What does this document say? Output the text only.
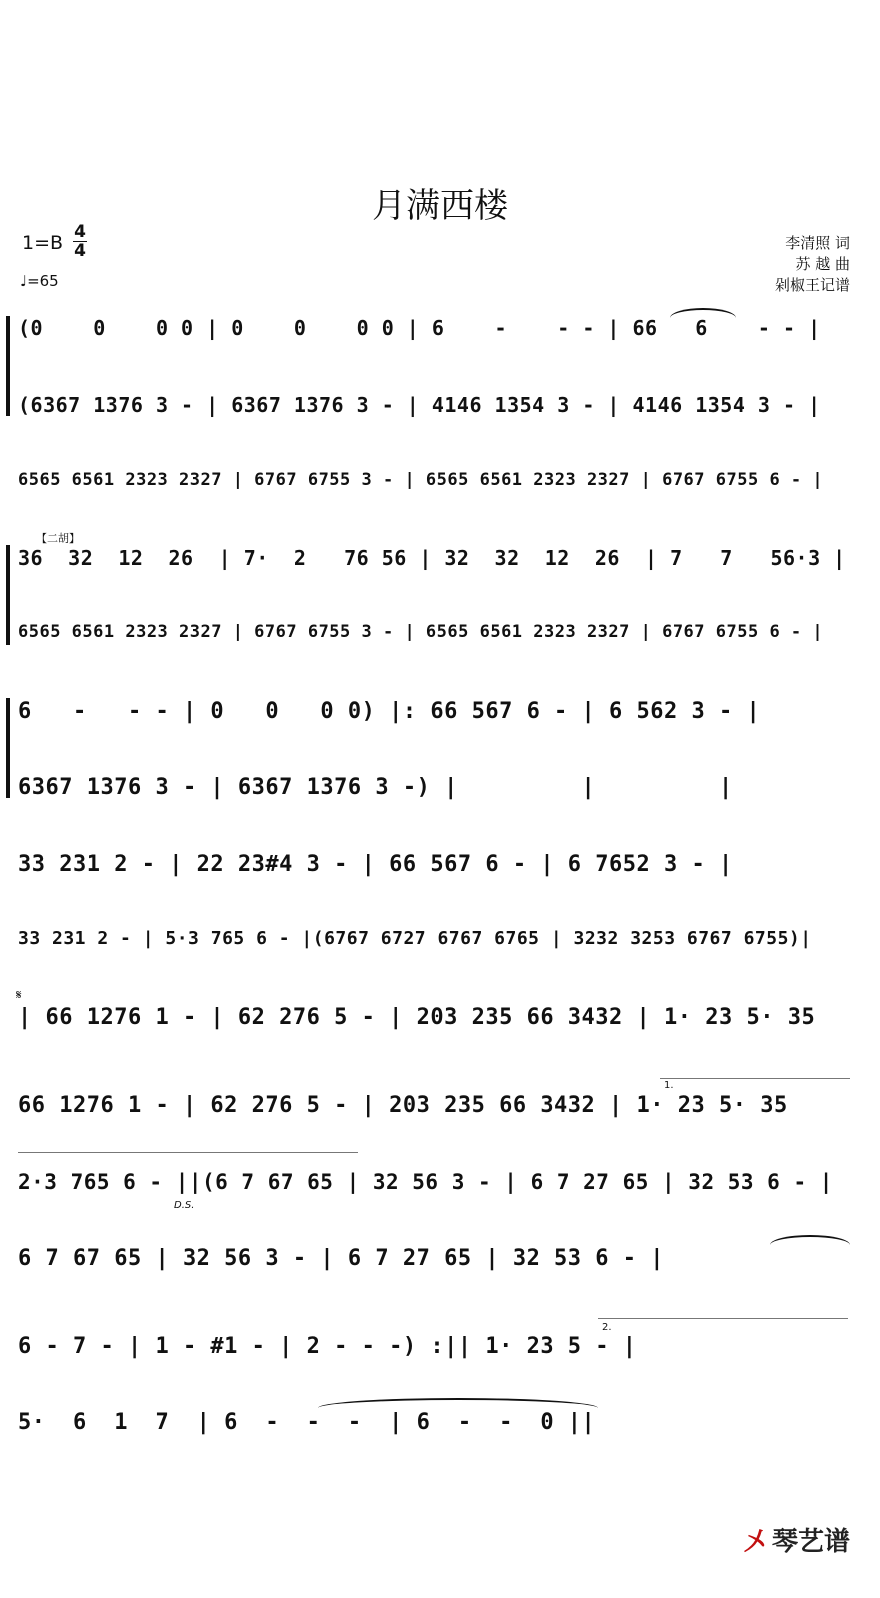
月满西楼
1=B 4
4
♩=65
李清照 词
苏 越 曲
剁椒王记谱
【二胡】
𝄋
D.S.
1.
2.
(0    0    0 0 | 0    0    0 0 | 6    -    - - | 66   6    - - |
(6367 1376 3 - | 6367 1376 3 - | 4146 1354 3 - | 4146 1354 3 - |
6565 6561 2323 2327 | 6767 6755 3 - | 6565 6561 2323 2327 | 6767 6755 6 - |
36  32  12  26  | 7·  2   76 56 | 32  32  12  26  | 7   7   56·3 |
6565 6561 2323 2327 | 6767 6755 3 - | 6565 6561 2323 2327 | 6767 6755 6 - |
6   -   - - | 0   0   0 0) |: 66 567 6 - | 6 562 3 - |
6367 1376 3 - | 6367 1376 3 -) |         |         |
33 231 2 - | 22 23#4 3 - | 66 567 6 - | 6 7652 3 - |
33 231 2 - | 5·3 765 6 - |(6767 6727 6767 6765 | 3232 3253 6767 6755)|
| 66 1276 1 - | 62 276 5 - | 203 235 66 3432 | 1· 23 5· 35
66 1276 1 - | 62 276 5 - | 203 235 66 3432 | 1· 23 5· 35
2·3 765 6 - ||(6 7 67 65 | 32 56 3 - | 6 7 27 65 | 32 53 6 - |
6 7 67 65 | 32 56 3 - | 6 7 27 65 | 32 53 6 - |
6 - 7 - | 1 - #1 - | 2 - - -) :|| 1· 23 5 - |
5·  6  1  7  | 6  -  -  -  | 6  -  -  0 ||
〤 琴艺谱
